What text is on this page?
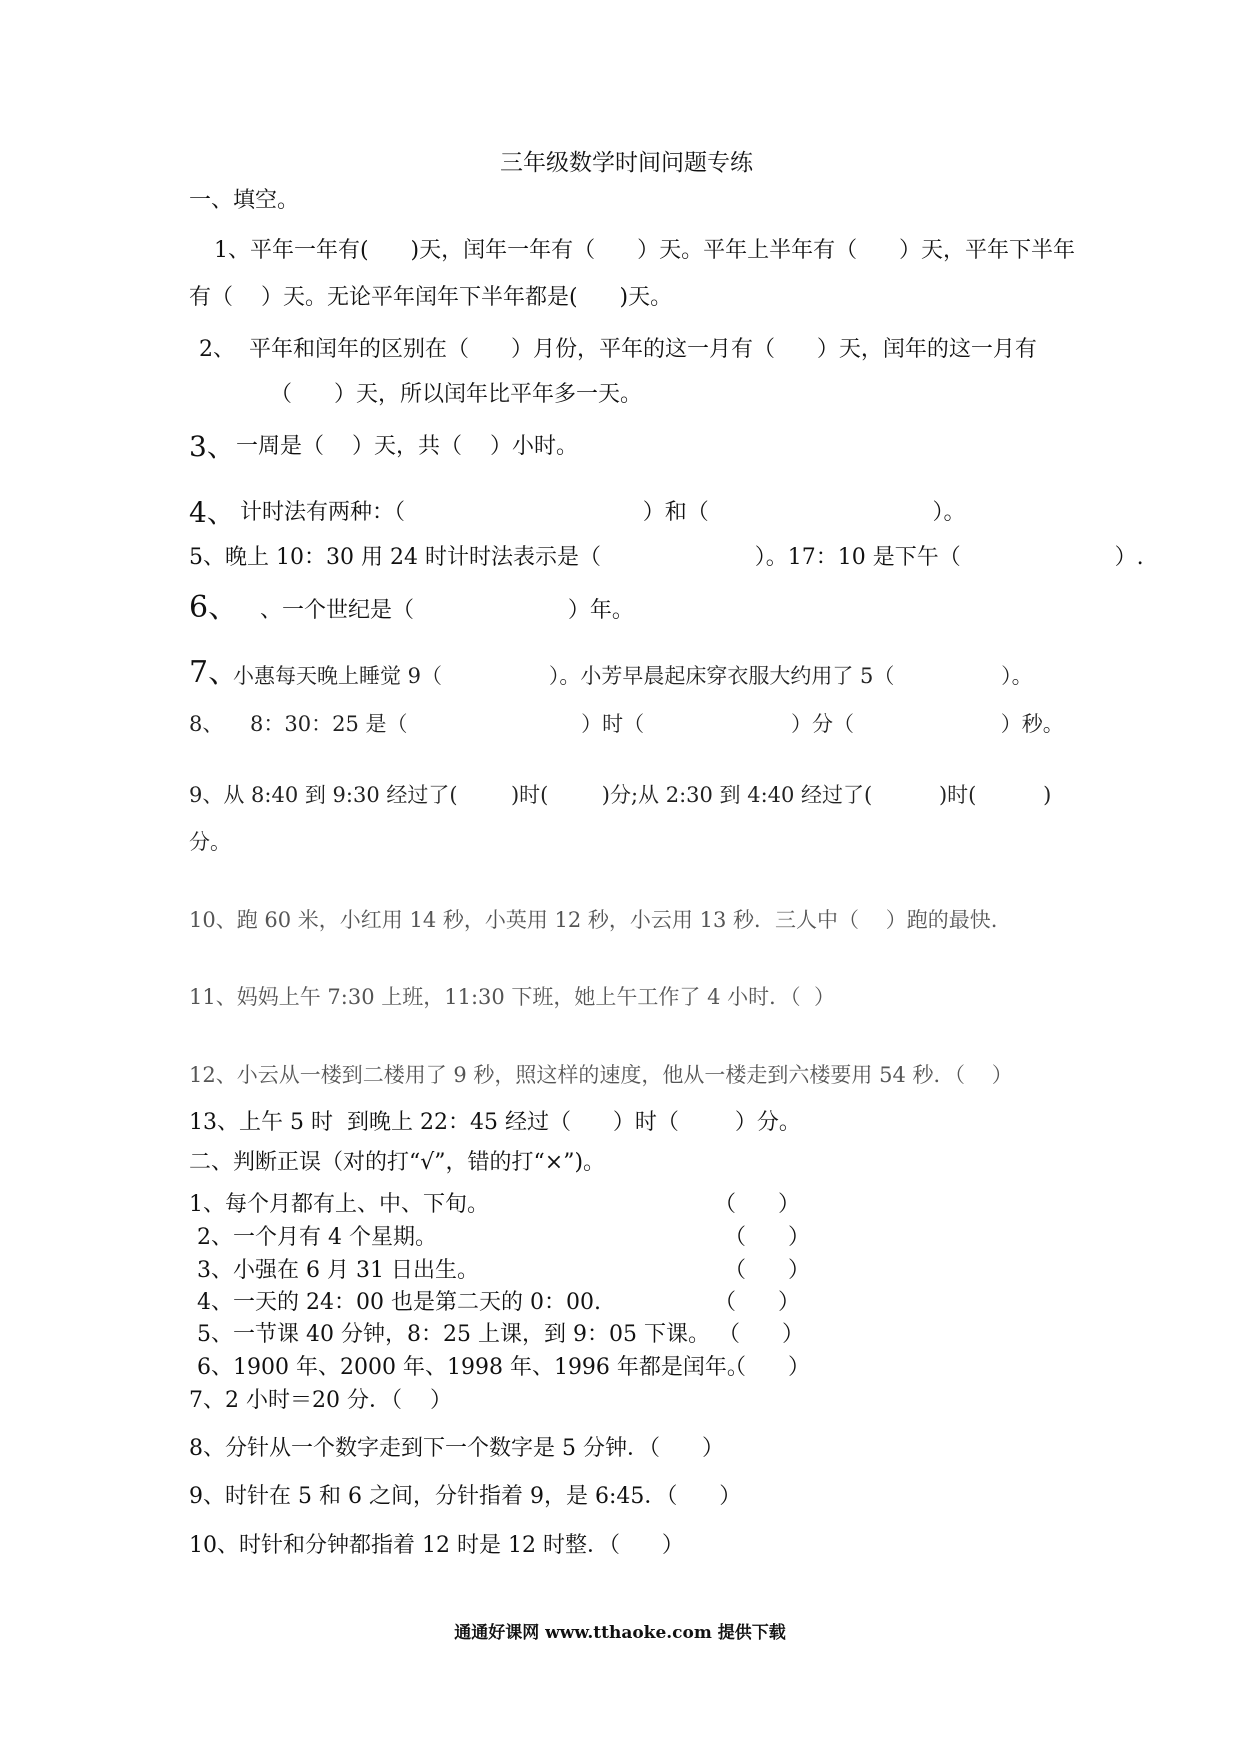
三年级数学时间问题专练
一、填空。
1、平年一年有(      )天，闰年一年有（      ）天。平年上半年有（      ）天，平年下半年
有（    ）天。无论平年闰年下半年都是(      )天。
2、  平年和闰年的区别在（      ）月份，平年的这一月有（      ）天，闰年的这一月有
（      ）天，所以闰年比平年多一天。
3、 一周是（    ）天，共（    ）小时。
4、 计时法有两种：（                                  ）和（                                ）。
5、晚上 10：30 用 24 时计时法表示是（                      ）。17：10 是下午（                      ）.
6、 、一个世纪是（                      ）年。
7、
小惠每天晚上睡觉 9（                ）。小芳早晨起床穿衣服大约用了 5（                ）。
8、    8：30：25 是（                          ）时（                      ）分（                      ）秒。
9、从 8:40 到 9:30 经过了(        )时(        )分;从 2:30 到 4:40 经过了(          )时(          )
分。
10、跑 60 米，小红用 14 秒，小英用 12 秒，小云用 13 秒．三人中（    ）跑的最快.
11、妈妈上午 7:30 上班，11:30 下班，她上午工作了 4 小时．（  ）
12、小云从一楼到二楼用了 9 秒，照这样的速度，他从一楼走到六楼要用 54 秒．（    ）
13、上午 5 时  到晚上 22：45 经过（      ）时（        ）分。
二、判断正误（对的打“√”，错的打“×”)。
1、每个月都有上、中、下旬。	（      ）
2、一个月有 4 个星期。	（      ）
3、小强在 6 月 31 日出生。	（      ）
4、一天的 24：00 也是第二天的 0：00.	（      ）
5、一节课 40 分钟，8：25 上课，到 9：05 下课。 （      ）
6、1900 年、2000 年、1998 年、1996 年都是闰年。
（      ）
7、2 小时＝20 分．（    ）
8、分针从一个数字走到下一个数字是 5 分钟．（      ）
9、时针在 5 和 6 之间，分针指着 9，是 6:45．（      ）
10、时针和分钟都指着 12 时是 12 时整．（      ）
通通好课网 www.tthaoke.com 提供下载
